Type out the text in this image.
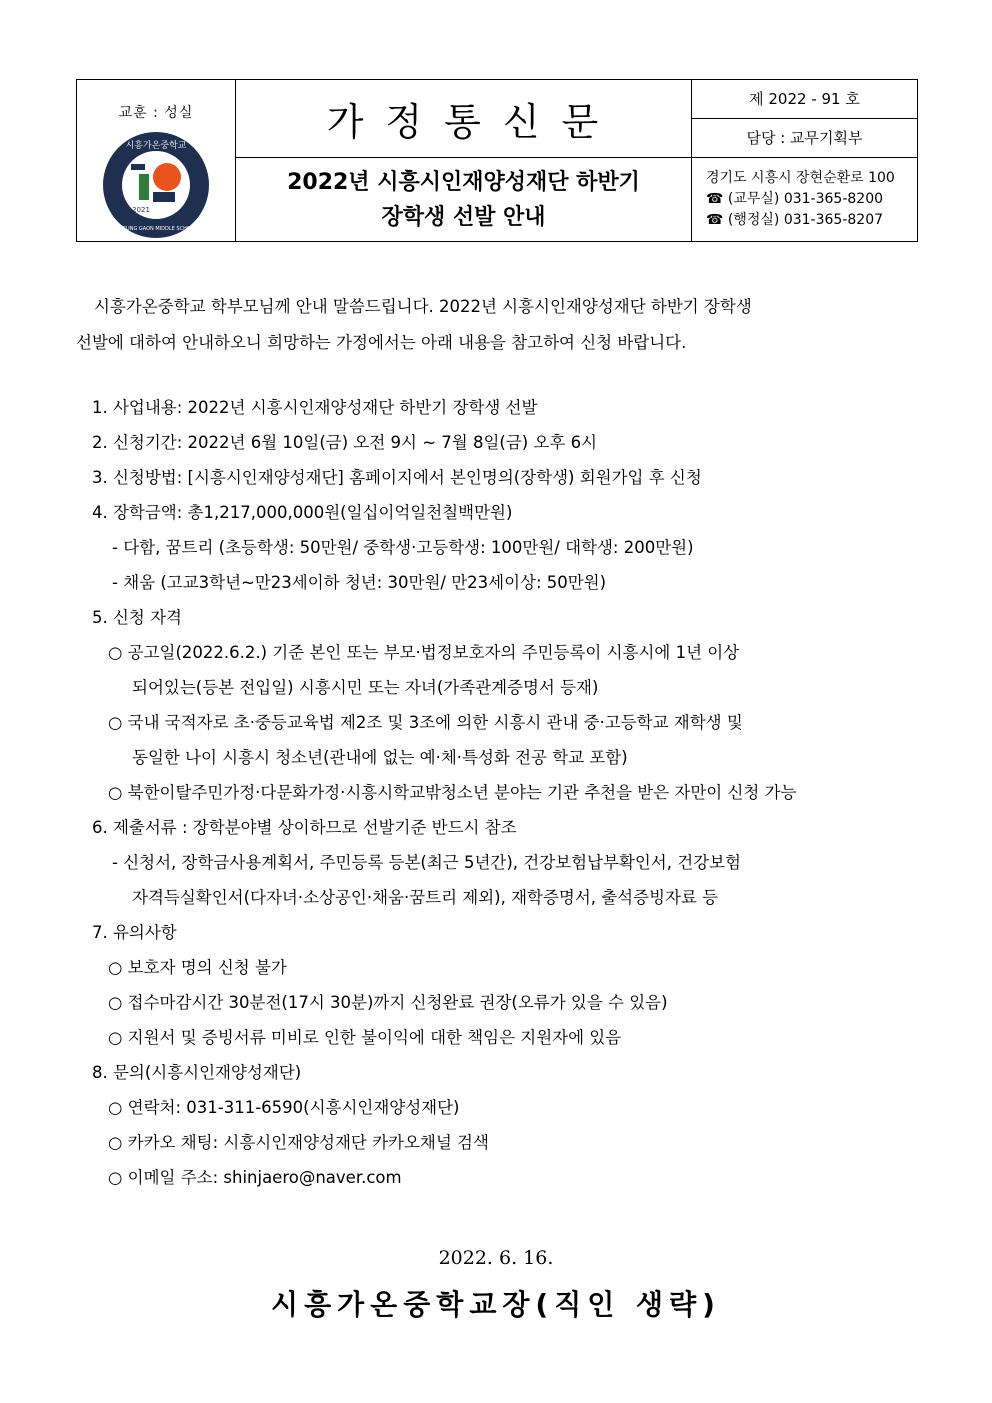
교훈 : 성실
시흥가온중학교
2021
SIHEUNG GAON MIDDLE SCHOOL
가정통신문
제 2022 - 91 호
담당 : 교무기획부
2022년 시흥시인재양성재단 하반기
장학생 선발 안내
경기도 시흥시 장현순환로 100
☎ (교무실) 031-365-8200
☎ (행정실) 031-365-8207

시흥가온중학교 학부모님께 안내 말씀드립니다. 2022년 시흥시인재양성재단 하반기 장학생
선발에 대하여 안내하오니 희망하는 가정에서는 아래 내용을 참고하여 신청 바랍니다.

1. 사업내용: 2022년 시흥시인재양성재단 하반기 장학생 선발
2. 신청기간: 2022년 6월 10일(금) 오전 9시 ~ 7월 8일(금) 오후 6시
3. 신청방법: [시흥시인재양성재단] 홈페이지에서 본인명의(장학생) 회원가입 후 신청
4. 장학금액: 총1,217,000,000원(일십이억일천칠백만원)
- 다함, 꿈트리 (초등학생: 50만원/ 중학생·고등학생: 100만원/ 대학생: 200만원)
- 채움 (고교3학년~만23세이하 청년: 30만원/ 만23세이상: 50만원)
5. 신청 자격
○ 공고일(2022.6.2.) 기준 본인 또는 부모·법정보호자의 주민등록이 시흥시에 1년 이상
되어있는(등본 전입일) 시흥시민 또는 자녀(가족관계증명서 등재)
○ 국내 국적자로 초·중등교육법 제2조 및 3조에 의한 시흥시 관내 중·고등학교 재학생 및
동일한 나이 시흥시 청소년(관내에 없는 예·체·특성화 전공 학교 포함)
○ 북한이탈주민가정·다문화가정·시흥시학교밖청소년 분야는 기관 추천을 받은 자만이 신청 가능
6. 제출서류 : 장학분야별 상이하므로 선발기준 반드시 참조
- 신청서, 장학금사용계획서, 주민등록 등본(최근 5년간), 건강보험납부확인서, 건강보험
자격득실확인서(다자녀·소상공인·채움·꿈트리 제외), 재학증명서, 출석증빙자료 등
7. 유의사항
○ 보호자 명의 신청 불가
○ 접수마감시간 30분전(17시 30분)까지 신청완료 권장(오류가 있을 수 있음)
○ 지원서 및 증빙서류 미비로 인한 불이익에 대한 책임은 지원자에 있음
8. 문의(시흥시인재양성재단)
○ 연락처: 031-311-6590(시흥시인재양성재단)
○ 카카오 채팅: 시흥시인재양성재단 카카오채널 검색
○ 이메일 주소: shinjaero@naver.com
2022. 6. 16.
시흥가온중학교장(직인 생략)
